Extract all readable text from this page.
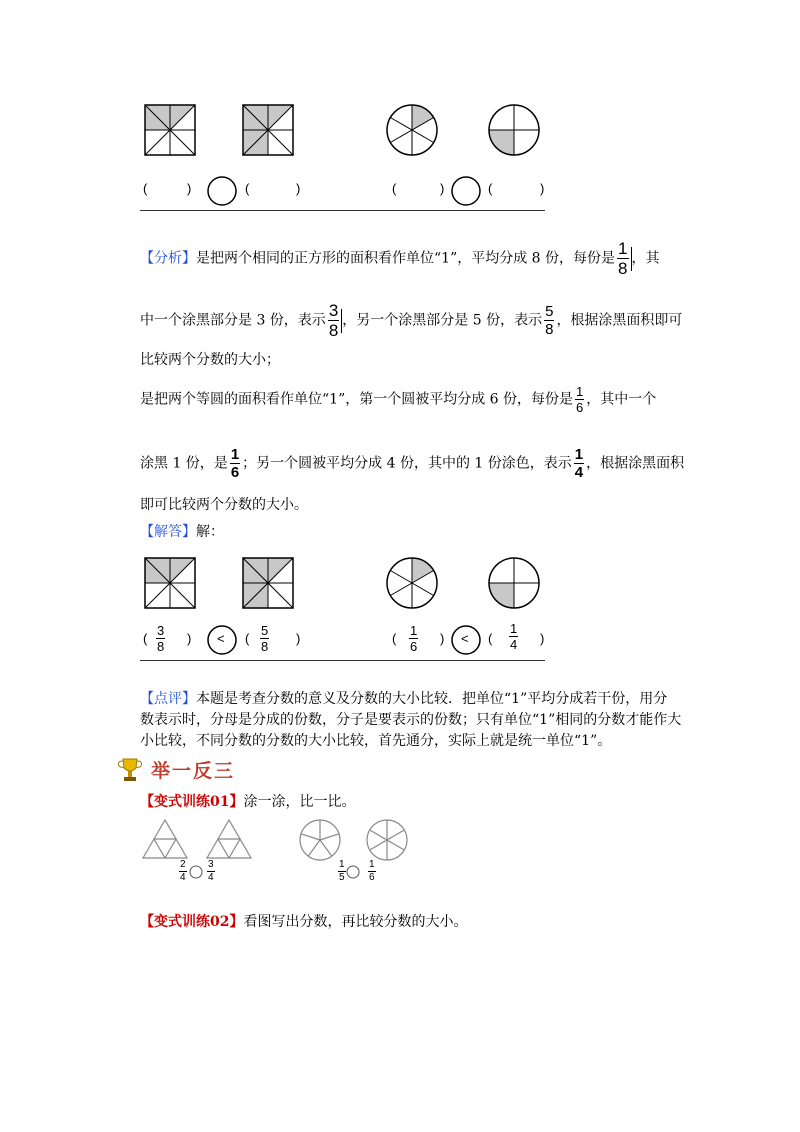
(	)	(	)	(	)	(	)
【分析】是把两个相同的正方形的面积看作单位“1”，平均分成 8 份，每份是 $\frac{1}{8}$ ，其
中一个涂黑部分是 3 份，表示 $\frac{3}{8}$ ，另一个涂黑部分是 5 份，表示 $\frac{5}{8}$ ，根据涂黑面积即可
比较两个分数的大小；
是把两个等圆的面积看作单位“1”，第一个圆被平均分成 6 份，每份是 $\frac{1}{6}$ ，其中一个
涂黑 1 份，是 $\frac{1}{6}$ ；另一个圆被平均分成 4 份，其中的 1 份涂色，表示 $\frac{1}{4}$ ，根据涂黑面积
即可比较两个分数的大小。
【解答】解：
( $\frac{3}{8}$ ) < ( $\frac{5}{8}$ )	( $\frac{1}{6}$ ) < ( $\frac{1}{4}$ )
【点评】本题是考查分数的意义及分数的大小比较．把单位“1”平均分成若干份，用分
数表示时，分母是分成的份数，分子是要表示的份数；只有单位“1”相同的分数才能作大
小比较，不同分数的分数的大小比较，首先通分，实际上就是统一单位“1”。
举一反三
【变式训练01】涂一涂，比一比。
$\frac{2}{4} \frac{3}{4}$	$\frac{1}{5} \frac{1}{6}$
【变式训练02】看图写出分数，再比较分数的大小。
